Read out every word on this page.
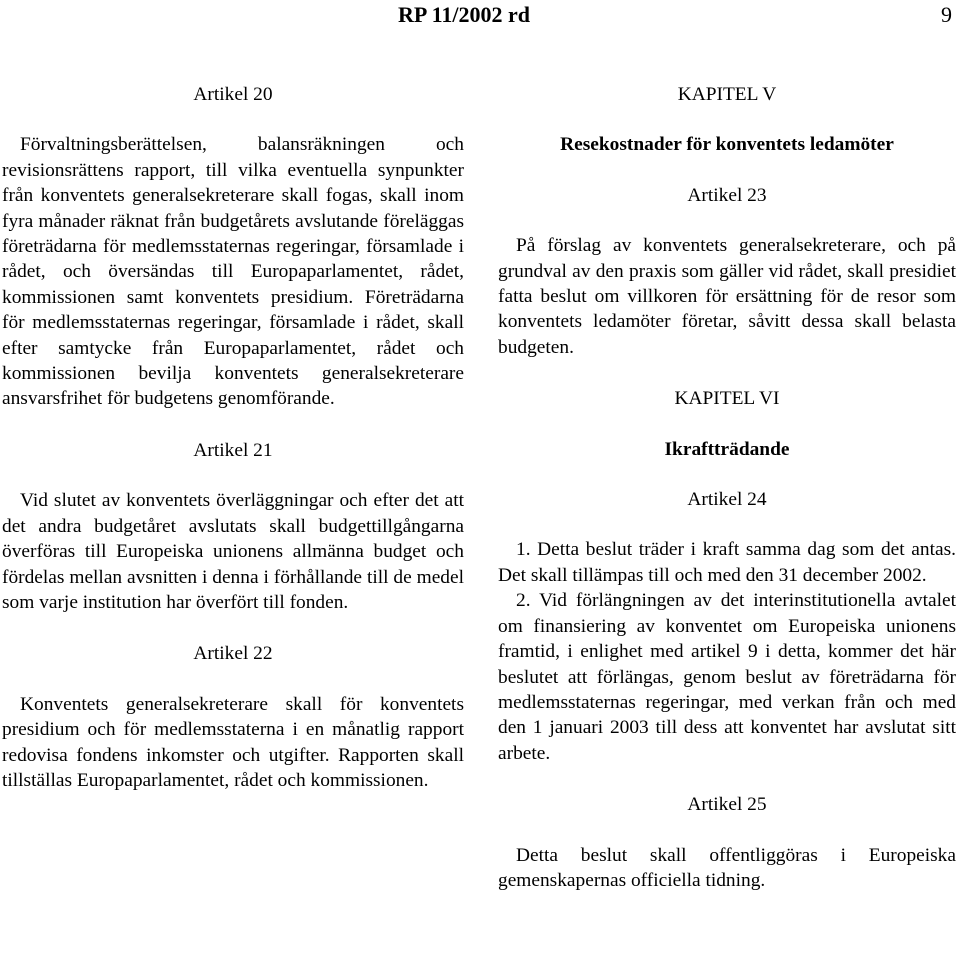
RP 11/2002 rd	9
Artikel 20

Förvaltningsberättelsen, balansräkningen och revisionsrättens rapport, till vilka eventuella synpunkter från konventets generalsekreterare skall fogas, skall inom fyra månader räknat från budgetårets avslutande föreläggas företrädarna för medlemsstaternas regeringar, församlade i rådet, och översändas till Europaparlamentet, rådet, kommissionen samt konventets presidium. Företrädarna för medlemsstaternas regeringar, församlade i rådet, skall efter samtycke från Europaparlamentet, rådet och kommissionen bevilja konventets generalsekreterare ansvarsfrihet för budgetens genomförande.

Artikel 21

Vid slutet av konventets överläggningar och efter det att det andra budgetåret avslutats skall budgettillgångarna överföras till Europeiska unionens allmänna budget och fördelas mellan avsnitten i denna i förhållande till de medel som varje institution har överfört till fonden.

Artikel 22

Konventets generalsekreterare skall för konventets presidium och för medlemsstaterna i en månatlig rapport redovisa fondens inkomster och utgifter. Rapporten skall tillställas Europaparlamentet, rådet och kommissionen.

KAPITEL V
Resekostnader för konventets ledamöter
Artikel 23

På förslag av konventets generalsekreterare, och på grundval av den praxis som gäller vid rådet, skall presidiet fatta beslut om villkoren för ersättning för de resor som konventets ledamöter företar, såvitt dessa skall belasta budgeten.

KAPITEL VI
Ikraftträdande
Artikel 24

1. Detta beslut träder i kraft samma dag som det antas. Det skall tillämpas till och med den 31 december 2002.

2. Vid förlängningen av det interinstitutionella avtalet om finansiering av konventet om Europeiska unionens framtid, i enlighet med artikel 9 i detta, kommer det här beslutet att förlängas, genom beslut av företrädarna för medlemsstaternas regeringar, med verkan från och med den 1 januari 2003 till dess att konventet har avslutat sitt arbete.

Artikel 25

Detta beslut skall offentliggöras i Europeiska gemenskapernas officiella tidning.
